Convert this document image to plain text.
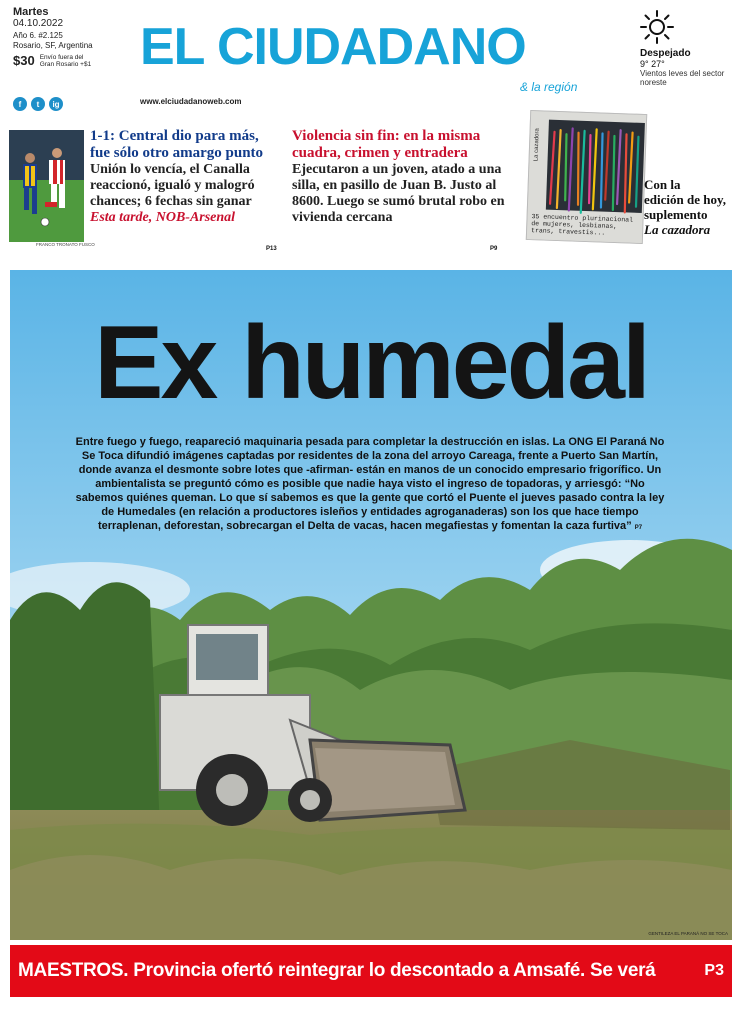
Martes
04.10.2022
Año 6. #2.125
Rosario, SF, Argentina
$30 Envío fuera del Gran Rosario +$1
f	t	ig
EL CIUDADANO
& la región
www.elciudadanoweb.com
Despejado
9° 27°
Vientos leves del sector noreste
FRANCO TRONATO FUSCO
1-1: Central dio para más, fue sólo otro amargo punto
Unión lo vencía, el Canalla reaccionó, igualó y malogró chances; 6 fechas sin ganar
Esta tarde, NOB-Arsenal
P13
Violencia sin fin: en la misma cuadra, crimen y entradera
Ejecutaron a un joven, atado a una silla, en pasillo de Juan B. Justo al 8600. Luego se sumó brutal robo en vivienda cercana
P9
La cazadora
35 encuentro plurinacional de mujeres, lesbianas, trans, travestis...
Con la
edición de hoy,
suplemento
La cazadora
Ex humedal
Entre fuego y fuego, reapareció maquinaria pesada para completar la destrucción en islas. La ONG El Paraná No Se Toca difundió imágenes captadas por residentes de la zona del arroyo Careaga, frente a Puerto San Martín, donde avanza el desmonte sobre lotes que -afirman- están en manos de un conocido empresario frigorífico. Un ambientalista se preguntó cómo es posible que nadie haya visto el ingreso de topadoras, y arriesgó: “No sabemos quiénes queman. Lo que sí sabemos es que la gente que cortó el Puente el jueves pasado contra la ley de Humedales (en relación a productores isleños y entidades agroganaderas) son los que hace tiempo terraplenan, deforestan, sobrecargan el Delta de vacas, hacen megafiestas y fomentan la caza furtiva” P7
GENTILEZA EL PARANÁ NO SE TOCA
MAESTROS. Provincia ofertó reintegrar lo descontado a Amsafé. Se verá	P3
